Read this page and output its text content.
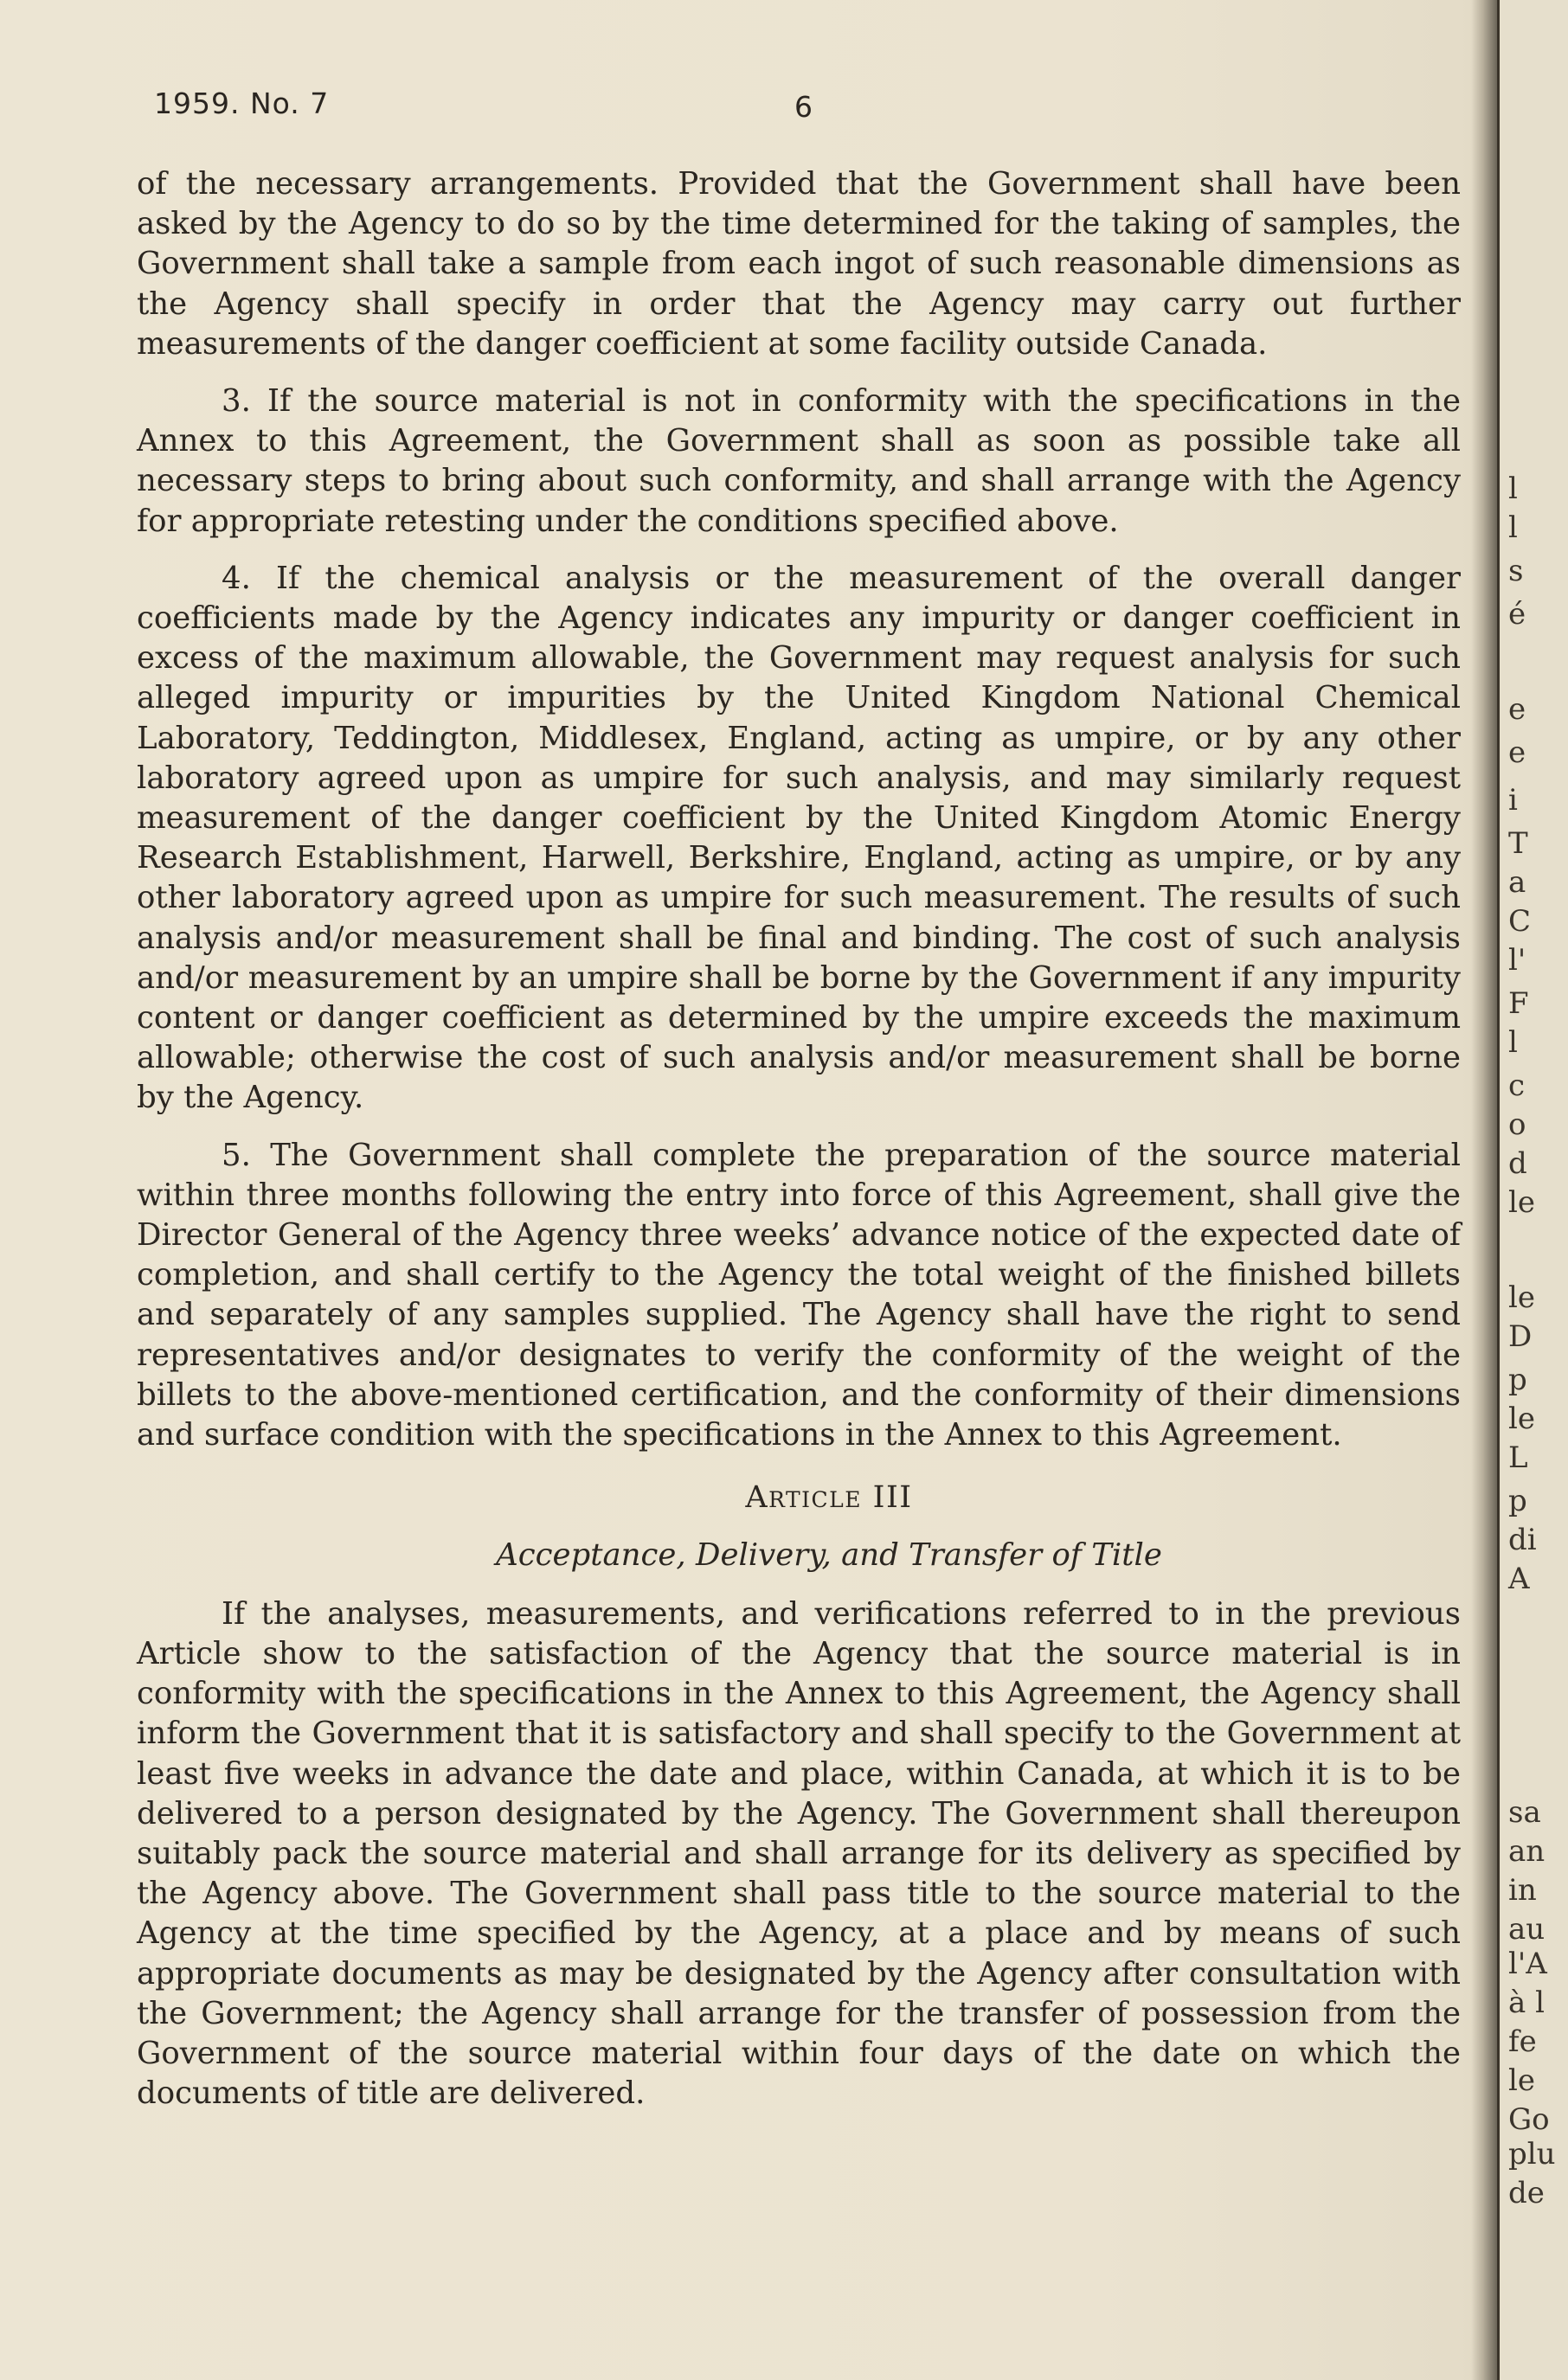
1959. No. 7	6

of the necessary arrangements. Provided that the Government shall have been asked by the Agency to do so by the time determined for the taking of samples, the Government shall take a sample from each ingot of such reasonable dimensions as the Agency shall specify in order that the Agency may carry out further measurements of the danger coefficient at some facility outside Canada.

3. If the source material is not in conformity with the specifications in the Annex to this Agreement, the Government shall as soon as possible take all necessary steps to bring about such conformity, and shall arrange with the Agency for appropriate retesting under the conditions specified above.

4. If the chemical analysis or the measurement of the overall danger coefficients made by the Agency indicates any impurity or danger coefficient in excess of the maximum allowable, the Government may request analysis for such alleged impurity or impurities by the United Kingdom National Chemical Laboratory, Teddington, Middlesex, England, acting as umpire, or by any other laboratory agreed upon as umpire for such analysis, and may similarly request measurement of the danger coefficient by the United Kingdom Atomic Energy Research Establishment, Harwell, Berkshire, England, acting as umpire, or by any other laboratory agreed upon as umpire for such measurement. The results of such analysis and/or measurement shall be final and binding. The cost of such analysis and/or measurement by an umpire shall be borne by the Government if any impurity content or danger coefficient as determined by the umpire exceeds the maximum allowable; otherwise the cost of such analysis and/or measurement shall be borne by the Agency.

5. The Government shall complete the preparation of the source material within three months following the entry into force of this Agreement, shall give the Director General of the Agency three weeks’ advance notice of the expected date of completion, and shall certify to the Agency the total weight of the finished billets and separately of any samples supplied. The Agency shall have the right to send representatives and/or designates to verify the conformity of the weight of the billets to the above-mentioned certification, and the conformity of their dimensions and surface condition with the specifications in the Annex to this Agreement.

Article III
Acceptance, Delivery, and Transfer of Title

If the analyses, measurements, and verifications referred to in the previous Article show to the satisfaction of the Agency that the source material is in conformity with the specifications in the Annex to this Agreement, the Agency shall inform the Government that it is satisfactory and shall specify to the Government at least five weeks in advance the date and place, within Canada, at which it is to be delivered to a person designated by the Agency. The Government shall thereupon suitably pack the source material and shall arrange for its delivery as specified by the Agency above. The Government shall pass title to the source material to the Agency at the time specified by the Agency, at a place and by means of such appropriate documents as may be designated by the Agency after consultation with the Government; the Agency shall arrange for the transfer of possession from the Government of the source material within four days of the date on which the documents of title are delivered.

l
l
s
é
e
e
i
T
a
C
l'
F
l
c
o
d
le
le
D
p
le
L
p
di
A
sa
an
in
au
l'A
à l
fe
le
Go
plu
de
